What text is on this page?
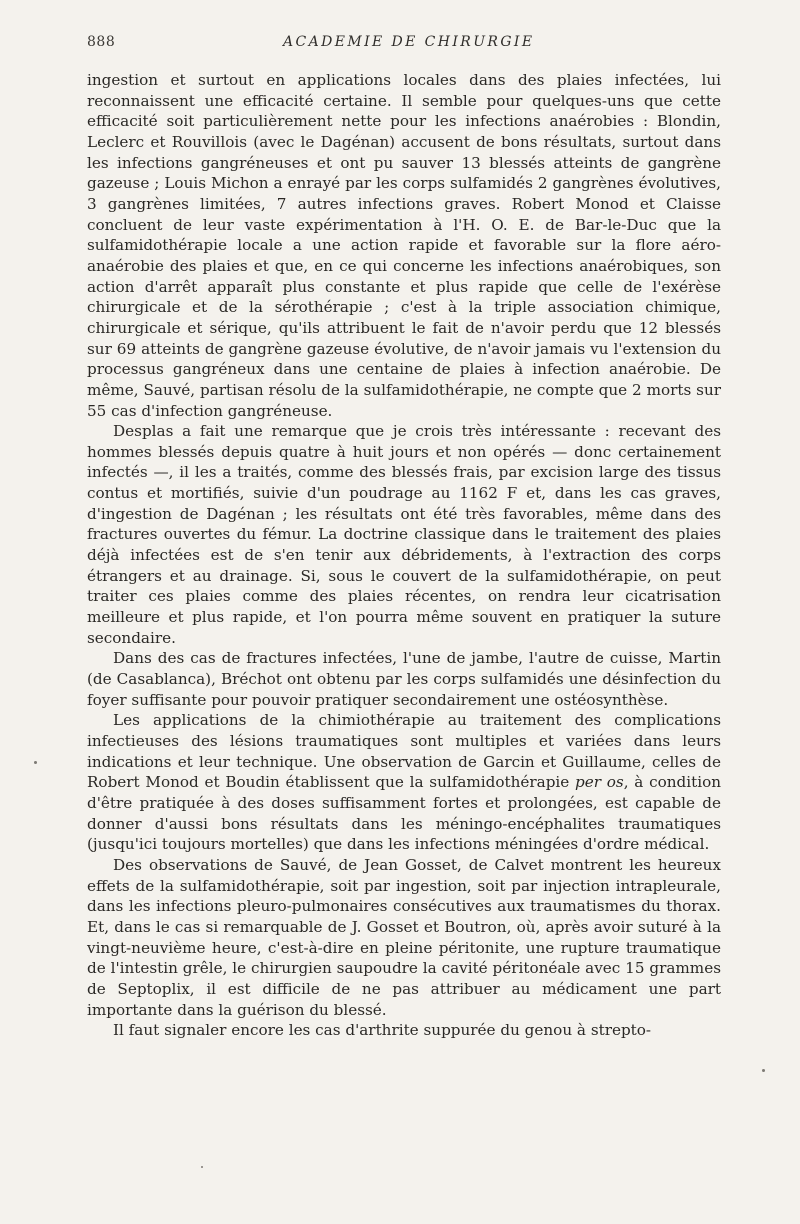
888	ACADEMIE DE CHIRURGIE

ingestion et surtout en applications locales dans des plaies infectées, lui reconnaissent une efficacité certaine. Il semble pour quelques-uns que cette efficacité soit particulièrement nette pour les infections anaérobies : Blondin, Leclerc et Rouvillois (avec le Dagénan) accusent de bons résultats, surtout dans les infections gangréneuses et ont pu sauver 13 blessés atteints de gangrène gazeuse ; Louis Michon a enrayé par les corps sulfamidés 2 gangrènes évolutives, 3 gangrènes limitées, 7 autres infections graves. Robert Monod et Claisse concluent de leur vaste expérimentation à l'H. O. E. de Bar-le-Duc que la sulfamidothérapie locale a une action rapide et favorable sur la flore aéro-anaérobie des plaies et que, en ce qui concerne les infections anaérobiques, son action d'arrêt apparaît plus constante et plus rapide que celle de l'exérèse chirurgicale et de la sérothérapie ; c'est à la triple association chimique, chirurgicale et sérique, qu'ils attribuent le fait de n'avoir perdu que 12 blessés sur 69 atteints de gangrène gazeuse évolutive, de n'avoir jamais vu l'extension du processus gangréneux dans une centaine de plaies à infection anaérobie. De même, Sauvé, partisan résolu de la sulfamidothérapie, ne compte que 2 morts sur 55 cas d'infection gangréneuse.

Desplas a fait une remarque que je crois très intéressante : recevant des hommes blessés depuis quatre à huit jours et non opérés — donc certainement infectés —, il les a traités, comme des blessés frais, par excision large des tissus contus et mortifiés, suivie d'un poudrage au 1162 F et, dans les cas graves, d'ingestion de Dagénan ; les résultats ont été très favorables, même dans des fractures ouvertes du fémur. La doctrine classique dans le traitement des plaies déjà infectées est de s'en tenir aux débridements, à l'extraction des corps étrangers et au drainage. Si, sous le couvert de la sulfamidothérapie, on peut traiter ces plaies comme des plaies récentes, on rendra leur cicatrisation meilleure et plus rapide, et l'on pourra même souvent en pratiquer la suture secondaire.

Dans des cas de fractures infectées, l'une de jambe, l'autre de cuisse, Martin (de Casablanca), Bréchot ont obtenu par les corps sulfamidés une désinfection du foyer suffisante pour pouvoir pratiquer secondairement une ostéosynthèse.

Les applications de la chimiothérapie au traitement des complications infectieuses des lésions traumatiques sont multiples et variées dans leurs indications et leur technique. Une observation de Garcin et Guillaume, celles de Robert Monod et Boudin établissent que la sulfamidothérapie per os, à condition d'être pratiquée à des doses suffisamment fortes et prolongées, est capable de donner d'aussi bons résultats dans les méningo-encéphalites traumatiques (jusqu'ici toujours mortelles) que dans les infections méningées d'ordre médical.

Des observations de Sauvé, de Jean Gosset, de Calvet montrent les heureux effets de la sulfamidothérapie, soit par ingestion, soit par injection intrapleurale, dans les infections pleuro-pulmonaires consécutives aux traumatismes du thorax. Et, dans le cas si remarquable de J. Gosset et Boutron, où, après avoir suturé à la vingt-neuvième heure, c'est-à-dire en pleine péritonite, une rupture traumatique de l'intestin grêle, le chirurgien saupoudre la cavité péritonéale avec 15 grammes de Septoplix, il est difficile de ne pas attribuer au médicament une part importante dans la guérison du blessé.

Il faut signaler encore les cas d'arthrite suppurée du genou à strepto-
